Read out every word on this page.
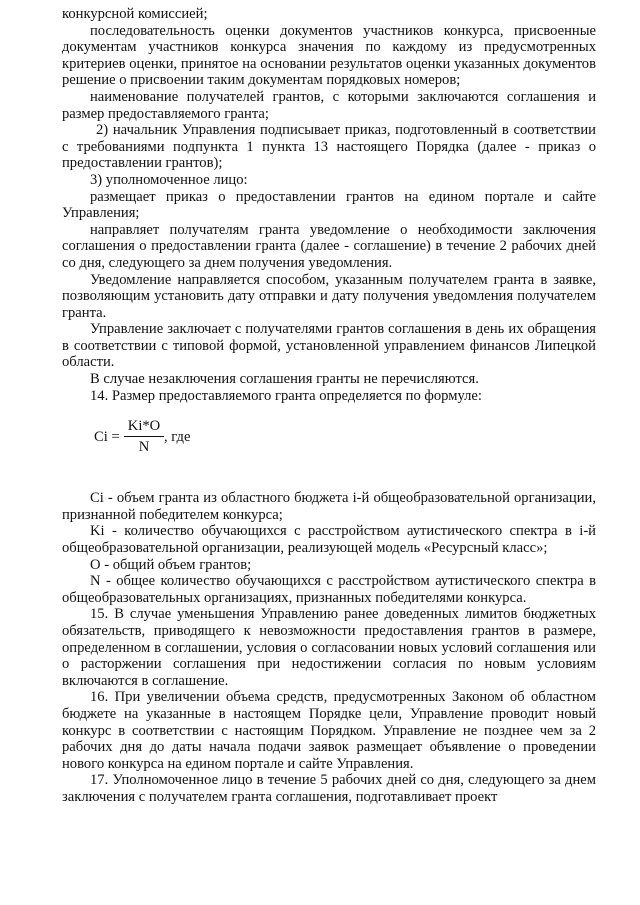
конкурсной комиссией;

последовательность оценки документов участников конкурса, присвоенные документам участников конкурса значения по каждому из предусмотренных критериев оценки, принятое на основании результатов оценки указанных документов решение о присвоении таким документам порядковых номеров;

наименование получателей грантов, с которыми заключаются соглашения и размер предоставляемого гранта;

2) начальник Управления подписывает приказ, подготовленный в соответствии с требованиями подпункта 1 пункта 13 настоящего Порядка (далее - приказ о предоставлении грантов);

3) уполномоченное лицо:

размещает приказ о предоставлении грантов на едином портале и сайте Управления;

направляет получателям гранта уведомление о необходимости заключения соглашения о предоставлении гранта (далее - соглашение) в течение 2 рабочих дней со дня, следующего за днем получения уведомления.

Уведомление направляется способом, указанным получателем гранта в заявке, позволяющим установить дату отправки и дату получения уведомления получателем гранта.

Управление заключает с получателями грантов соглашения в день их обращения в соответствии с типовой формой, установленной управлением финансов Липецкой области.

В случае незаключения соглашения гранты не перечисляются.

14. Размер предоставляемого гранта определяется по формуле:

$Ci = \frac{Ki*O}{N}$ , где

Ci - объем гранта из областного бюджета i-й общеобразовательной организации, признанной победителем конкурса;

Ki - количество обучающихся с расстройством аутистического спектра в i-й общеобразовательной организации, реализующей модель «Ресурсный класс»;

O - общий объем грантов;

N - общее количество обучающихся с расстройством аутистического спектра в общеобразовательных организациях, признанных победителями конкурса.

15. В случае уменьшения Управлению ранее доведенных лимитов бюджетных обязательств, приводящего к невозможности предоставления грантов в размере, определенном в соглашении, условия о согласовании новых условий соглашения или о расторжении соглашения при недостижении согласия по новым условиям включаются в соглашение.

16. При увеличении объема средств, предусмотренных Законом об областном бюджете на указанные в настоящем Порядке цели, Управление проводит новый конкурс в соответствии с настоящим Порядком. Управление не позднее чем за 2 рабочих дня до даты начала подачи заявок размещает объявление о проведении нового конкурса на едином портале и сайте Управления.

17. Уполномоченное лицо в течение 5 рабочих дней со дня, следующего за днем заключения с получателем гранта соглашения, подготавливает проект
